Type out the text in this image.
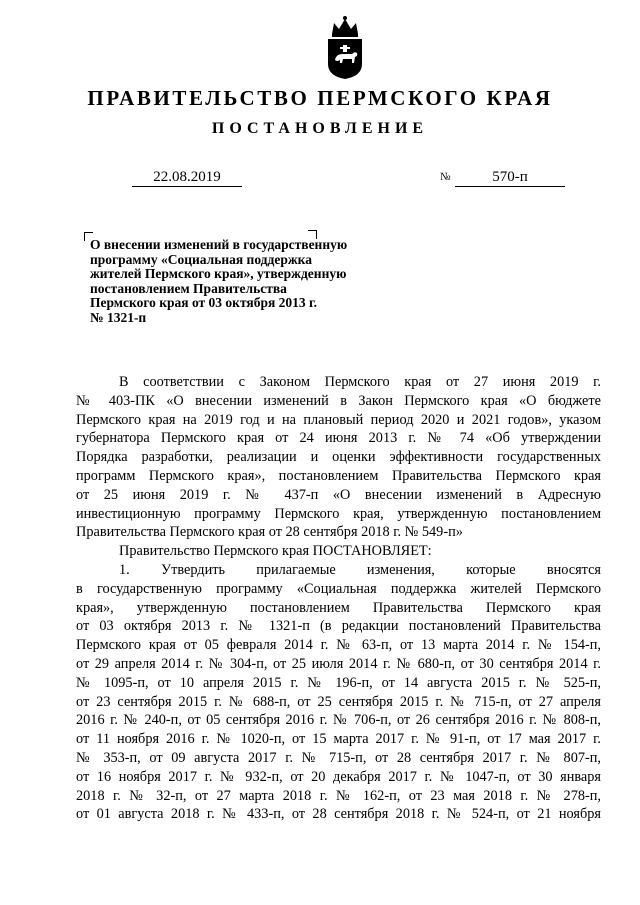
ПРАВИТЕЛЬСТВО ПЕРМСКОГО КРАЯ
ПОСТАНОВЛЕНИЕ
22.08.2019	№	570-п
О внесении изменений в государственную
программу «Социальная поддержка
жителей Пермского края», утвержденную
постановлением Правительства
Пермского края от 03 октября 2013 г.
№ 1321-п

В соответствии с Законом Пермского края от 27 июня 2019 г.
№ 403-ПК «О внесении изменений в Закон Пермского края «О бюджете
Пермского края на 2019 год и на плановый период 2020 и 2021 годов», указом
губернатора Пермского края от 24 июня 2013 г. № 74 «Об утверждении
Порядка разработки, реализации и оценки эффективности государственных
программ Пермского края», постановлением Правительства Пермского края
от 25 июня 2019 г. № 437-п «О внесении изменений в Адресную
инвестиционную программу Пермского края, утвержденную постановлением
Правительства Пермского края от 28 сентября 2018 г. № 549-п»

Правительство Пермского края ПОСТАНОВЛЯЕТ:

1. Утвердить прилагаемые изменения, которые вносятся
в государственную программу «Социальная поддержка жителей Пермского
края», утвержденную постановлением Правительства Пермского края
от 03 октября 2013 г. № 1321-п (в редакции постановлений Правительства
Пермского края от 05 февраля 2014 г. № 63-п, от 13 марта 2014 г. № 154-п,
от 29 апреля 2014 г. № 304-п, от 25 июля 2014 г. № 680-п, от 30 сентября 2014 г.
№ 1095-п, от 10 апреля 2015 г. № 196-п, от 14 августа 2015 г. № 525-п,
от 23 сентября 2015 г. № 688-п, от 25 сентября 2015 г. № 715-п, от 27 апреля
2016 г. № 240-п, от 05 сентября 2016 г. № 706-п, от 26 сентября 2016 г. № 808-п,
от 11 ноября 2016 г. № 1020-п, от 15 марта 2017 г. № 91-п, от 17 мая 2017 г.
№ 353-п, от 09 августа 2017 г. № 715-п, от 28 сентября 2017 г. № 807-п,
от 16 ноября 2017 г. № 932-п, от 20 декабря 2017 г. № 1047-п, от 30 января
2018 г. № 32-п, от 27 марта 2018 г. № 162-п, от 23 мая 2018 г. № 278-п,
от 01 августа 2018 г. № 433-п, от 28 сентября 2018 г. № 524-п, от 21 ноября
